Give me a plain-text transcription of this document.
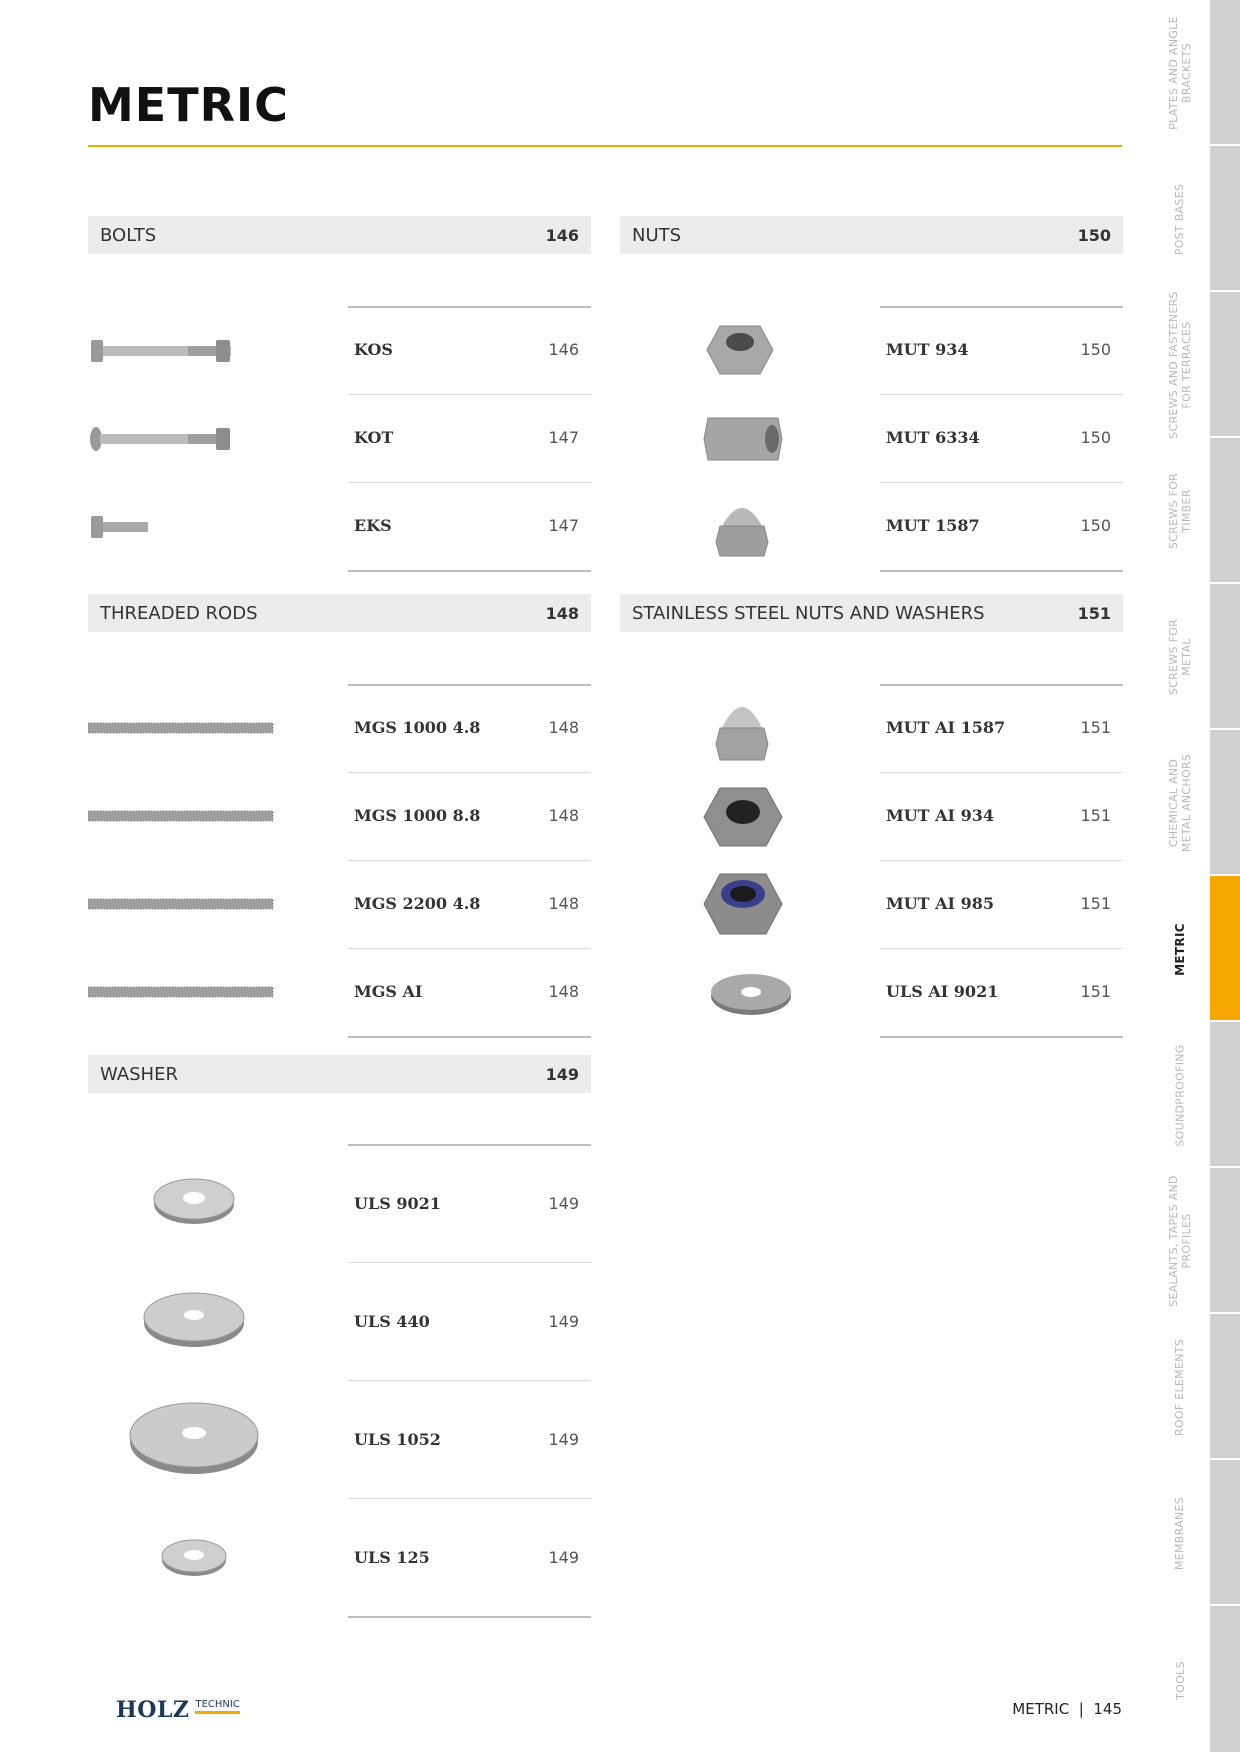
METRIC
BOLTS	146
KOS	146
KOT	147
EKS	147
NUTS	150
MUT 934	150
MUT 6334	150
MUT 1587	150
THREADED RODS	148
MGS 1000 4.8	148
MGS 1000 8.8	148
MGS 2200 4.8	148
MGS AI	148
STAINLESS STEEL NUTS AND WASHERS	151
MUT AI 1587	151
MUT AI 934	151
MUT AI 985	151
ULS AI 9021	151
WASHER	149
ULS 9021	149
ULS 440	149
ULS 1052	149
ULS 125	149
PLATES AND ANGLE
BRACKETS
POST BASES
SCREWS AND FASTENERS
FOR TERRACES
SCREWS FOR
TIMBER
SCREWS FOR
METAL
CHEMICAL AND
METAL ANCHORS
METRIC
SOUNDPROOFING
SEALANTS, TAPES AND
PROFILES
ROOF ELEMENTS
MEMBRANES
TOOLS
HOLZ TECHNIC	METRIC  |  145
